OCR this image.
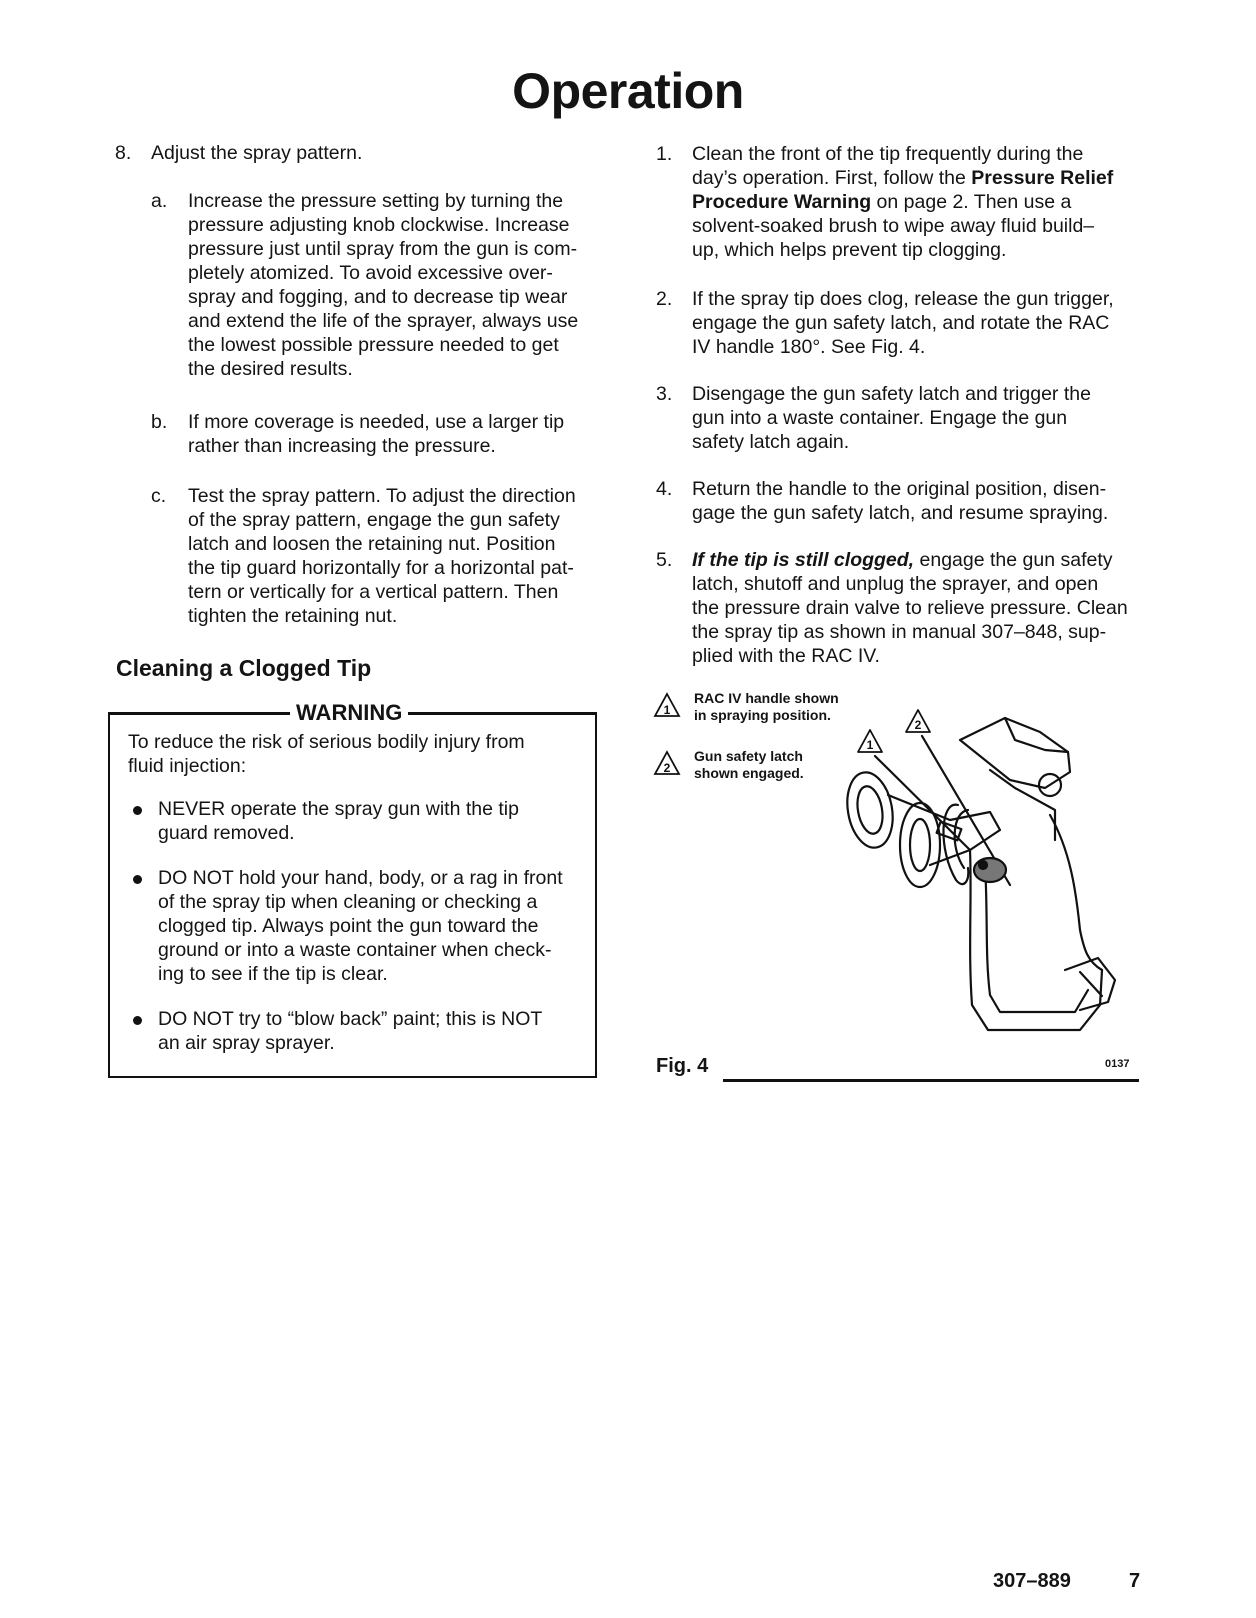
Operation
8. Adjust the spray pattern.
a. Increase the pressure setting by turning the
pressure adjusting knob clockwise. Increase
pressure just until spray from the gun is com-
pletely atomized. To avoid excessive over-
spray and fogging, and to decrease tip wear
and extend the life of the sprayer, always use
the lowest possible pressure needed to get
the desired results.
b. If more coverage is needed, use a larger tip
rather than increasing the pressure.
c. Test the spray pattern. To adjust the direction
of the spray pattern, engage the gun safety
latch and loosen the retaining nut. Position
the tip guard horizontally for a horizontal pat-
tern or vertically for a vertical pattern. Then
tighten the retaining nut.
Cleaning a Clogged Tip
WARNING
To reduce the risk of serious bodily injury from
fluid injection:
NEVER operate the spray gun with the tip
guard removed.
DO NOT hold your hand, body, or a rag in front
of the spray tip when cleaning or checking a
clogged tip. Always point the gun toward the
ground or into a waste container when check-
ing to see if the tip is clear.
DO NOT try to “blow back” paint; this is NOT
an air spray sprayer.
1. Clean the front of the tip frequently during the
day’s operation. First, follow the Pressure Relief
Procedure Warning on page 2. Then use a
solvent-soaked brush to wipe away fluid build–
up, which helps prevent tip clogging.
2. If the spray tip does clog, release the gun trigger,
engage the gun safety latch, and rotate the RAC
IV handle 180°. See Fig. 4.
3. Disengage the gun safety latch and trigger the
gun into a waste container. Engage the gun
safety latch again.
4. Return the handle to the original position, disen-
gage the gun safety latch, and resume spraying.
5. If the tip is still clogged, engage the gun safety
latch, shutoff and unplug the sprayer, and open
the pressure drain valve to relieve pressure. Clean
the spray tip as shown in manual 307–848, sup-
plied with the RAC IV.
1
RAC IV handle shown
in spraying position.
2
Gun safety latch
shown engaged.
1
2
Fig. 4	0137
307–889	7
